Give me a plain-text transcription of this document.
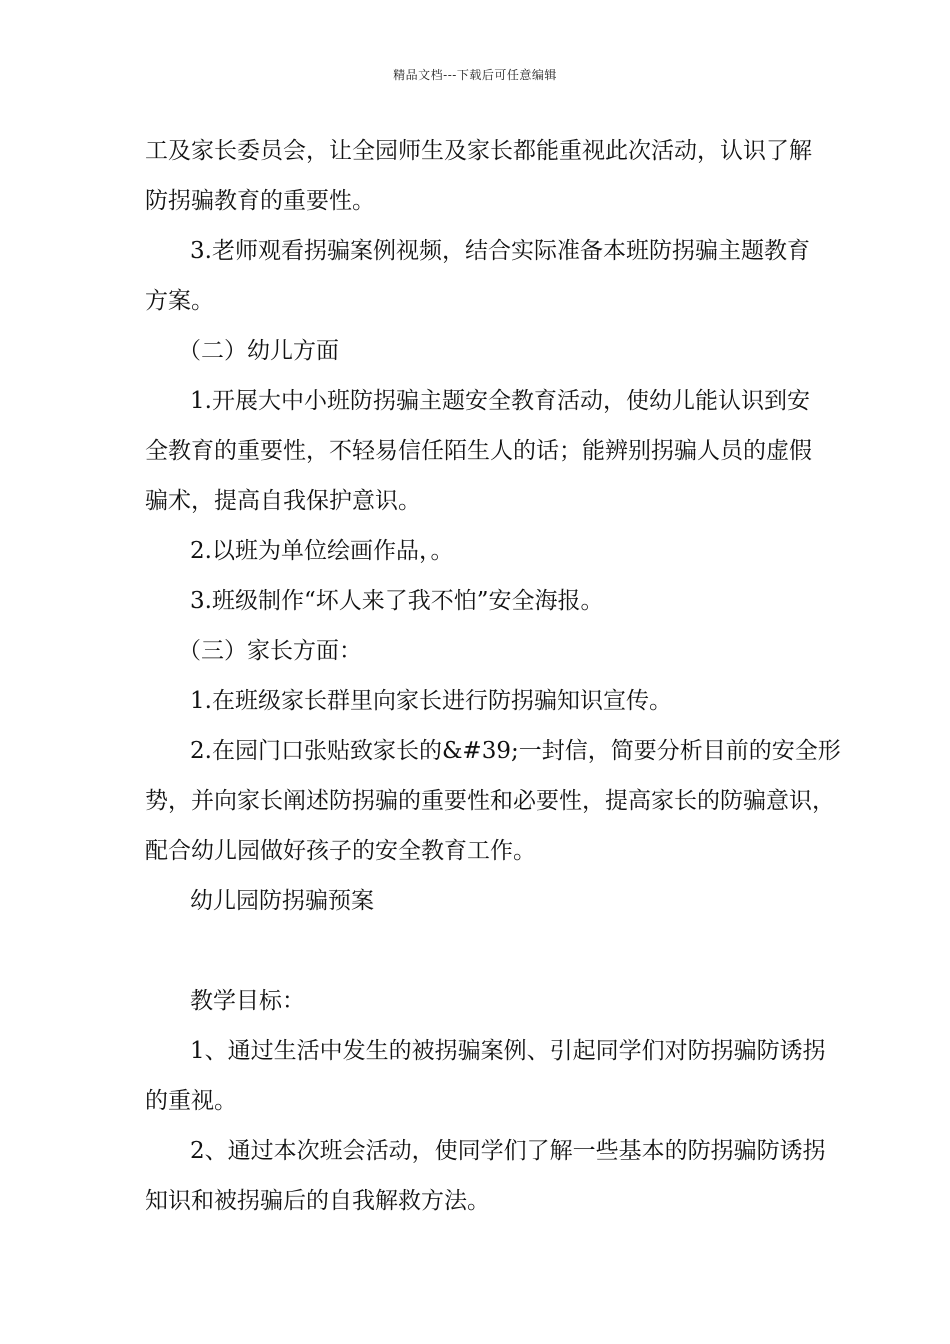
精品文档---下载后可任意编辑
工及家长委员会，让全园师生及家长都能重视此次活动，认识了解
防拐骗教育的重要性。
3.老师观看拐骗案例视频，结合实际准备本班防拐骗主题教育
方案。
（二）幼儿方面
1.开展大中小班防拐骗主题安全教育活动，使幼儿能认识到安
全教育的重要性，不轻易信任陌生人的话；能辨别拐骗人员的虚假
骗术，提高自我保护意识。
2.以班为单位绘画作品，。
3.班级制作“坏人来了我不怕”安全海报。
（三）家长方面：
1.在班级家长群里向家长进行防拐骗知识宣传。
2.在园门口张贴致家长的&#39;一封信，简要分析目前的安全形
势，并向家长阐述防拐骗的重要性和必要性，提高家长的防骗意识，
配合幼儿园做好孩子的安全教育工作。
幼儿园防拐骗预案
教学目标：
1、通过生活中发生的被拐骗案例、引起同学们对防拐骗防诱拐
的重视。
2、通过本次班会活动，使同学们了解一些基本的防拐骗防诱拐
知识和被拐骗后的自我解救方法。
